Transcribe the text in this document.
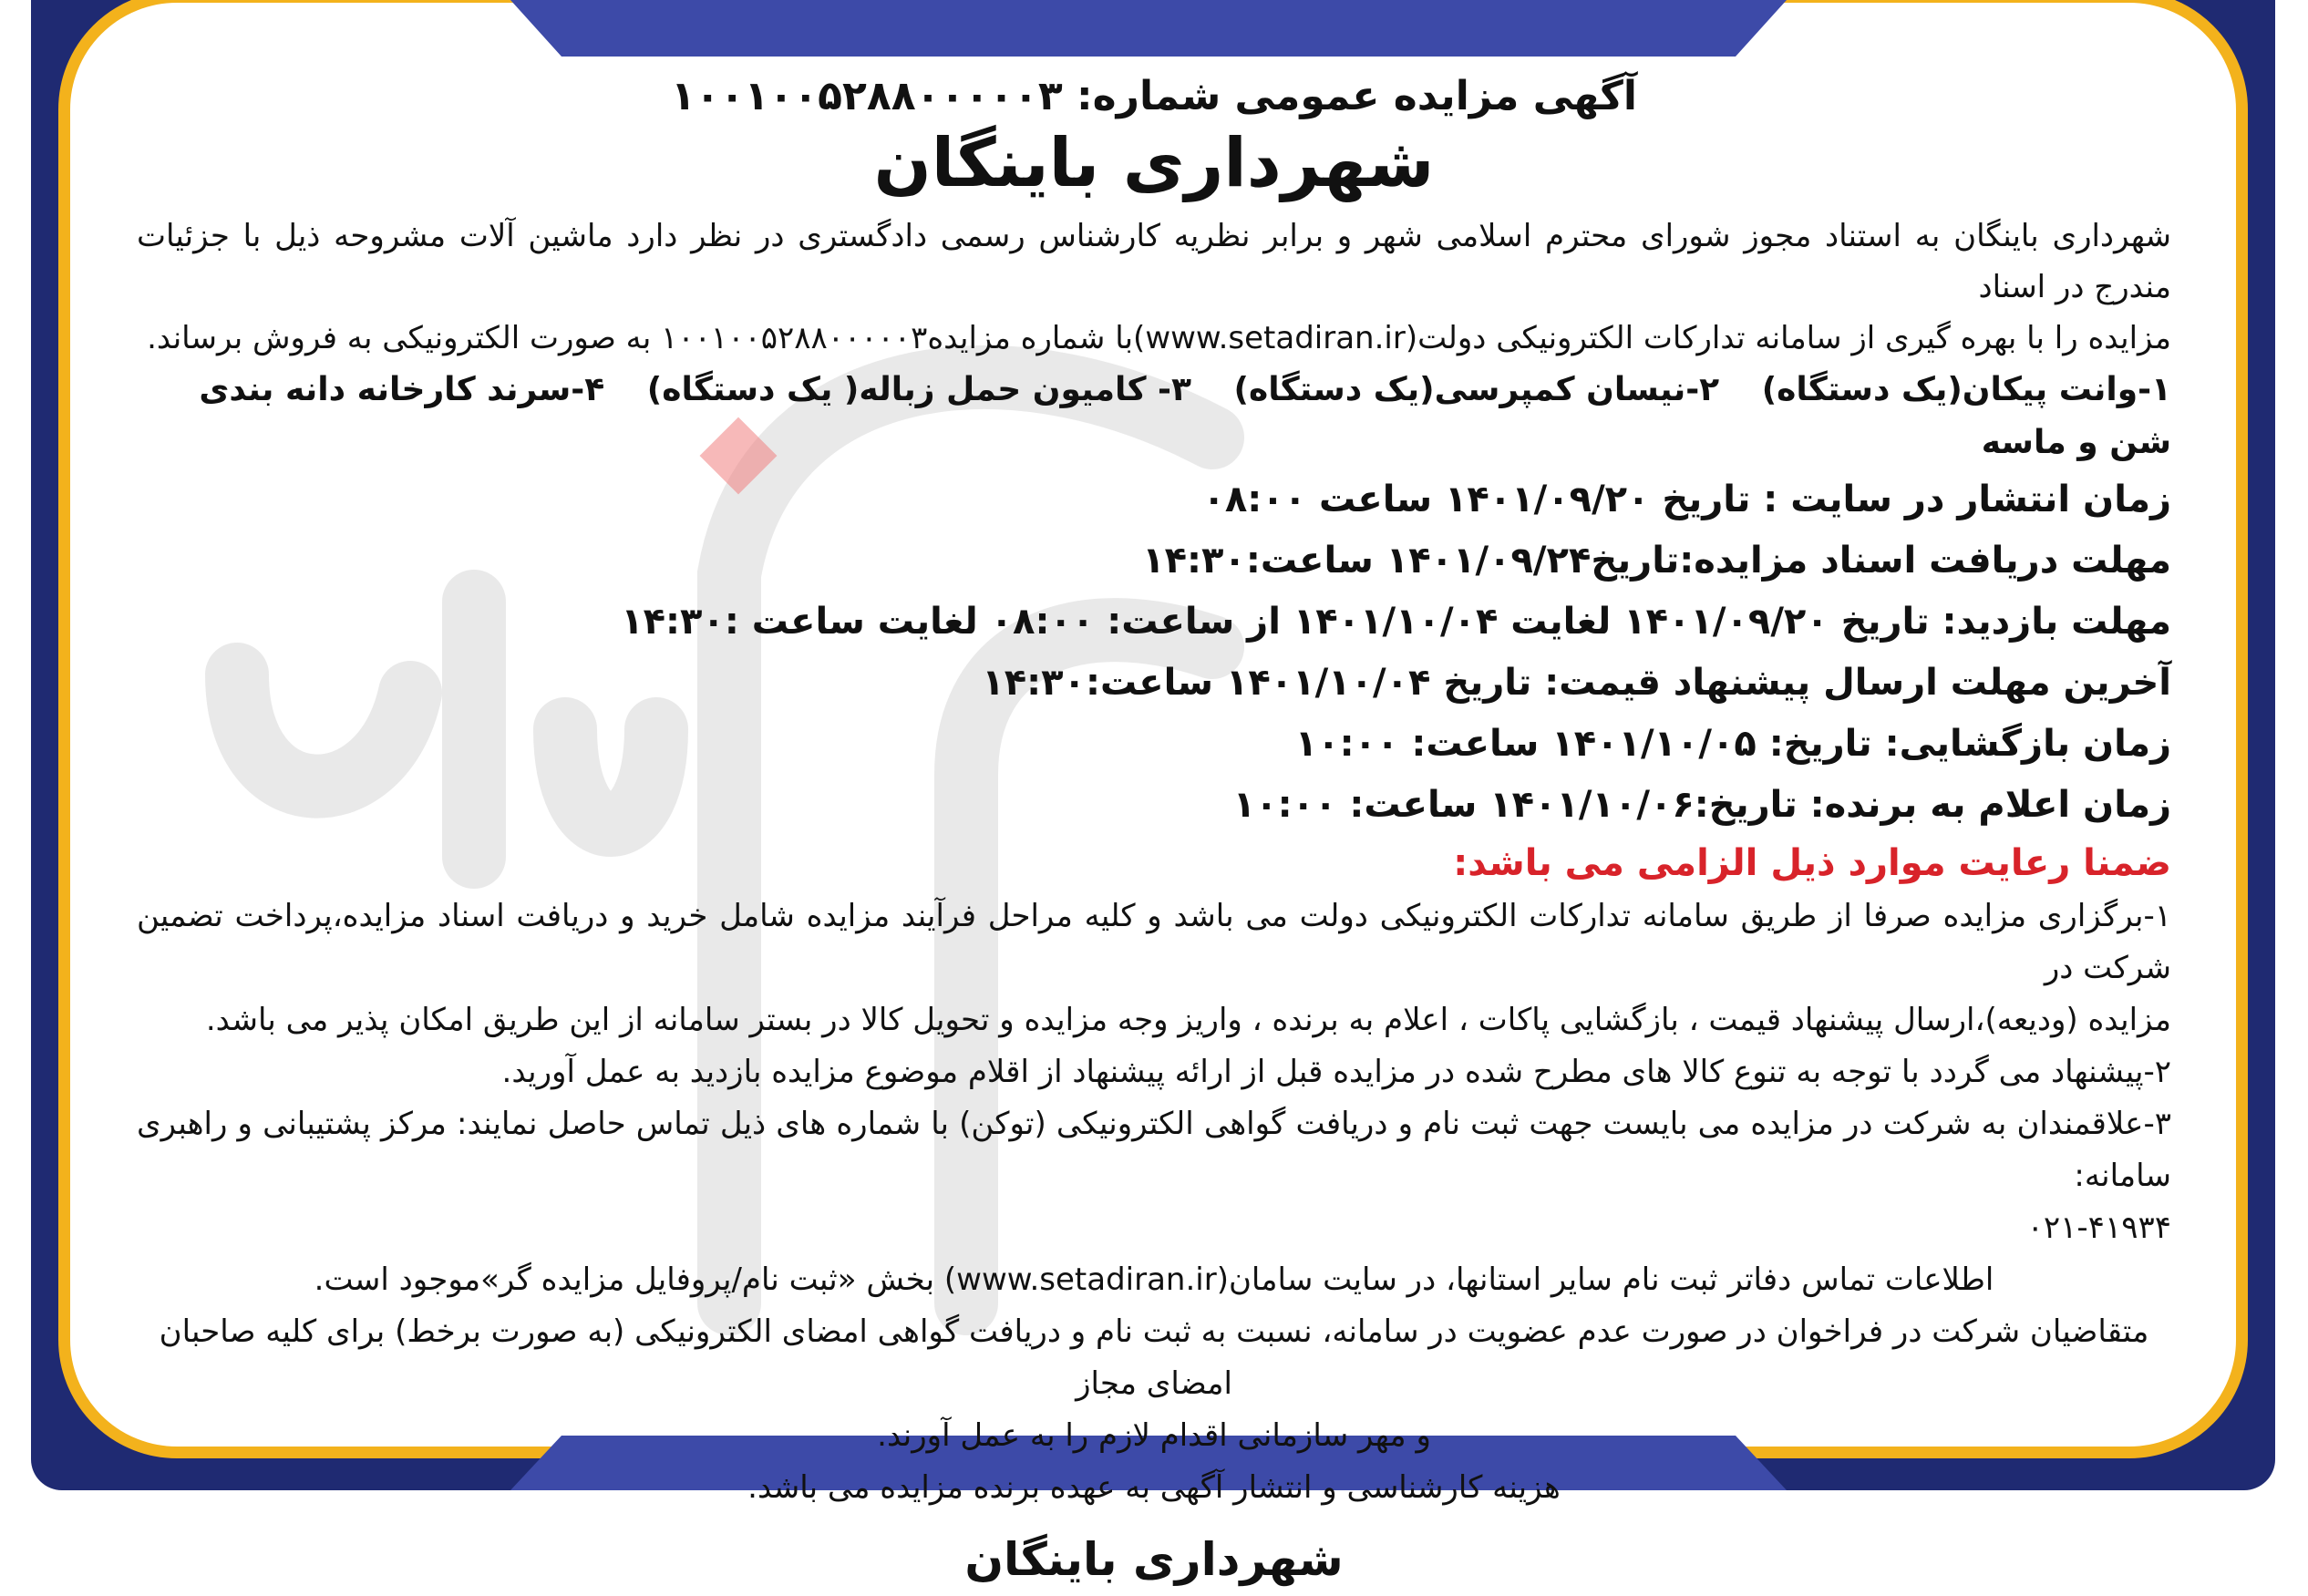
آگهی مزایده عمومی شماره: ۱۰۰۱۰۰۵۲۸۸۰۰۰۰۰۳

شهرداری باینگان

شهرداری باینگان به استناد مجوز شورای محترم اسلامی شهر و برابر نظریه کارشناس رسمی دادگستری در نظر دارد ماشین آلات مشروحه ذیل با جزئیات مندرج در اسناد

مزایده را با بهره گیری از سامانه تدارکات الکترونیکی دولت(www.setadiran.ir)با شماره مزایده۱۰۰۱۰۰۵۲۸۸۰۰۰۰۰۳ به صورت الکترونیکی به فروش برساند.

۱-وانت پیکان(یک دستگاه) ۲-نیسان کمپرسی(یک دستگاه) ۳- کامیون حمل زباله( یک دستگاه) ۴-سرند کارخانه دانه بندی شن و ماسه

زمان انتشار در سایت : تاریخ ۱۴۰۱/۰۹/۲۰ ساعت ۰۸:۰۰

مهلت دریافت اسناد مزایده:تاریخ۱۴۰۱/۰۹/۲۴ ساعت:۱۴:۳۰

مهلت بازدید: تاریخ ۱۴۰۱/۰۹/۲۰ لغایت ۱۴۰۱/۱۰/۰۴ از ساعت: ۰۸:۰۰ لغایت ساعت :۱۴:۳۰

آخرین مهلت ارسال پیشنهاد قیمت: تاریخ ۱۴۰۱/۱۰/۰۴ ساعت:۱۴:۳۰

زمان بازگشایی: تاریخ: ۱۴۰۱/۱۰/۰۵ ساعت: ۱۰:۰۰

زمان اعلام به برنده: تاریخ:۱۴۰۱/۱۰/۰۶ ساعت: ۱۰:۰۰

ضمنا رعایت موارد ذیل الزامی می باشد:

۱-برگزاری مزایده صرفا از طریق سامانه تدارکات الکترونیکی دولت می باشد و کلیه مراحل فرآیند مزایده شامل خرید و دریافت اسناد مزایده،پرداخت تضمین شرکت در

مزایده (ودیعه)،ارسال پیشنهاد قیمت ، بازگشایی پاکات ، اعلام به برنده ، واریز وجه مزایده و تحویل کالا در بستر سامانه از این طریق امکان پذیر می باشد.

۲-پیشنهاد می گردد با توجه به تنوع کالا های مطرح شده در مزایده قبل از ارائه پیشنهاد از اقلام موضوع مزایده بازدید به عمل آورید.

۳-علاقمندان به شرکت در مزایده می بایست جهت ثبت نام و دریافت گواهی الکترونیکی (توکن) با شماره های ذیل تماس حاصل نمایند: مرکز پشتیبانی و راهبری سامانه:

۰۲۱-۴۱۹۳۴

اطلاعات تماس دفاتر ثبت نام سایر استانها، در سایت سامان(www.setadiran.ir) بخش «ثبت نام/پروفایل مزایده گر»موجود است.

متقاضیان شرکت در فراخوان در صورت عدم عضویت در سامانه، نسبت به ثبت نام و دریافت گواهی امضای الکترونیکی (به صورت برخط) برای کلیه صاحبان امضای مجاز

و مهر سازمانی اقدام لازم را به عمل آورند.

هزینه کارشناسی و انتشار آگهی به عهده برنده مزایده می باشد.

شهرداری باینگان
